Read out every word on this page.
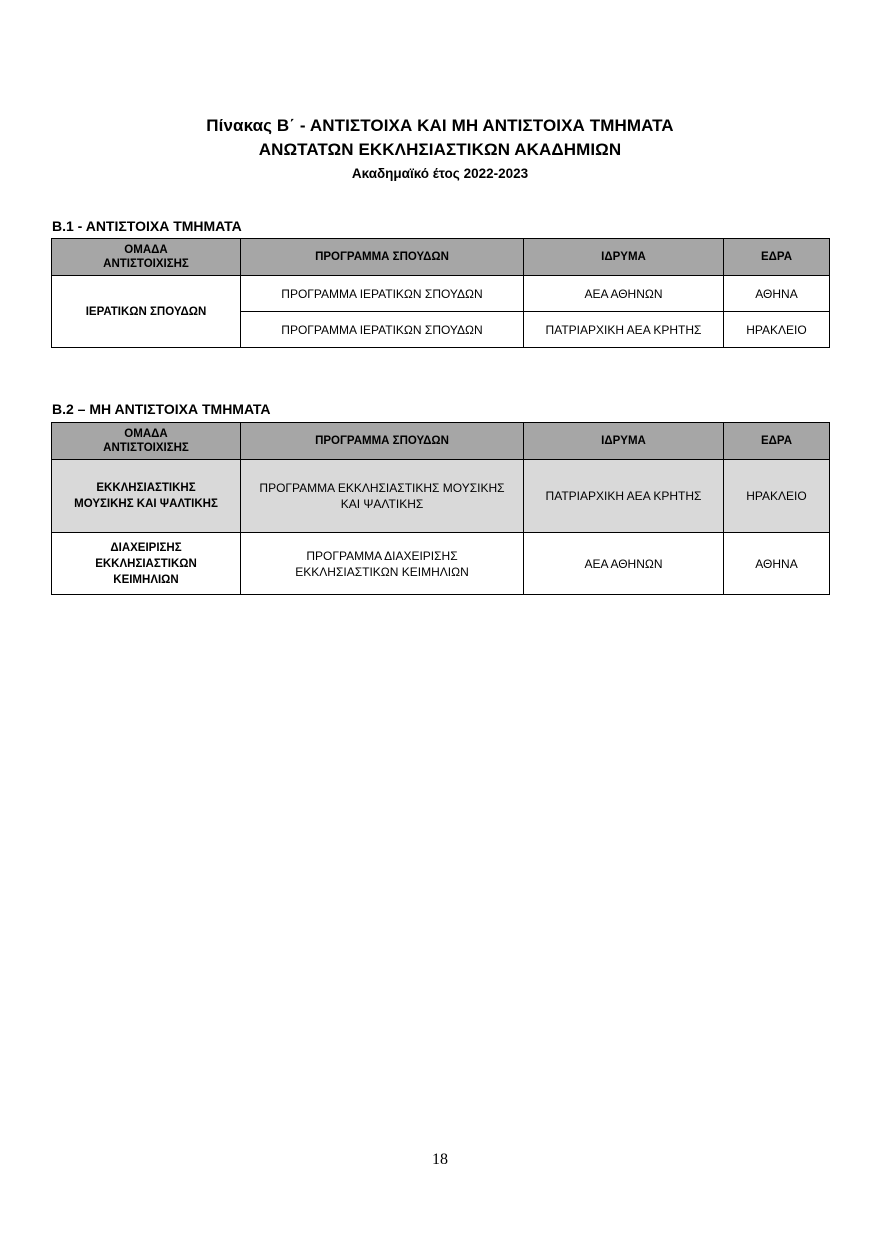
Πίνακας Β΄ - ΑΝΤΙΣΤΟΙΧΑ ΚΑΙ ΜΗ ΑΝΤΙΣΤΟΙΧΑ ΤΜΗΜΑΤΑ
ΑΝΩΤΑΤΩΝ ΕΚΚΛΗΣΙΑΣΤΙΚΩΝ ΑΚΑΔΗΜΙΩΝ
Ακαδημαϊκό έτος 2022-2023
Β.1 - ΑΝΤΙΣΤΟΙΧΑ ΤΜΗΜΑΤΑ
ΟΜΑΔΑ
ΑΝΤΙΣΤΟΙΧΙΣΗΣ	ΠΡΟΓΡΑΜΜΑ ΣΠΟΥΔΩΝ	ΙΔΡΥΜΑ	ΕΔΡΑ
ΙΕΡΑΤΙΚΩΝ ΣΠΟΥΔΩΝ	ΠΡΟΓΡΑΜΜΑ ΙΕΡΑΤΙΚΩΝ ΣΠΟΥΔΩΝ	ΑΕΑ ΑΘΗΝΩΝ	ΑΘΗΝΑ
	ΠΡΟΓΡΑΜΜΑ ΙΕΡΑΤΙΚΩΝ ΣΠΟΥΔΩΝ	ΠΑΤΡΙΑΡΧΙΚΗ ΑΕΑ ΚΡΗΤΗΣ	ΗΡΑΚΛΕΙΟ
Β.2 – ΜΗ ΑΝΤΙΣΤΟΙΧΑ ΤΜΗΜΑΤΑ
ΟΜΑΔΑ
ΑΝΤΙΣΤΟΙΧΙΣΗΣ	ΠΡΟΓΡΑΜΜΑ ΣΠΟΥΔΩΝ	ΙΔΡΥΜΑ	ΕΔΡΑ
ΕΚΚΛΗΣΙΑΣΤΙΚΗΣ
ΜΟΥΣΙΚΗΣ ΚΑΙ ΨΑΛΤΙΚΗΣ	ΠΡΟΓΡΑΜΜΑ ΕΚΚΛΗΣΙΑΣΤΙΚΗΣ ΜΟΥΣΙΚΗΣ
ΚΑΙ ΨΑΛΤΙΚΗΣ	ΠΑΤΡΙΑΡΧΙΚΗ ΑΕΑ ΚΡΗΤΗΣ	ΗΡΑΚΛΕΙΟ
ΔΙΑΧΕΙΡΙΣΗΣ
ΕΚΚΛΗΣΙΑΣΤΙΚΩΝ
ΚΕΙΜΗΛΙΩΝ	ΠΡΟΓΡΑΜΜΑ ΔΙΑΧΕΙΡΙΣΗΣ
ΕΚΚΛΗΣΙΑΣΤΙΚΩΝ ΚΕΙΜΗΛΙΩΝ	ΑΕΑ ΑΘΗΝΩΝ	ΑΘΗΝΑ
18
